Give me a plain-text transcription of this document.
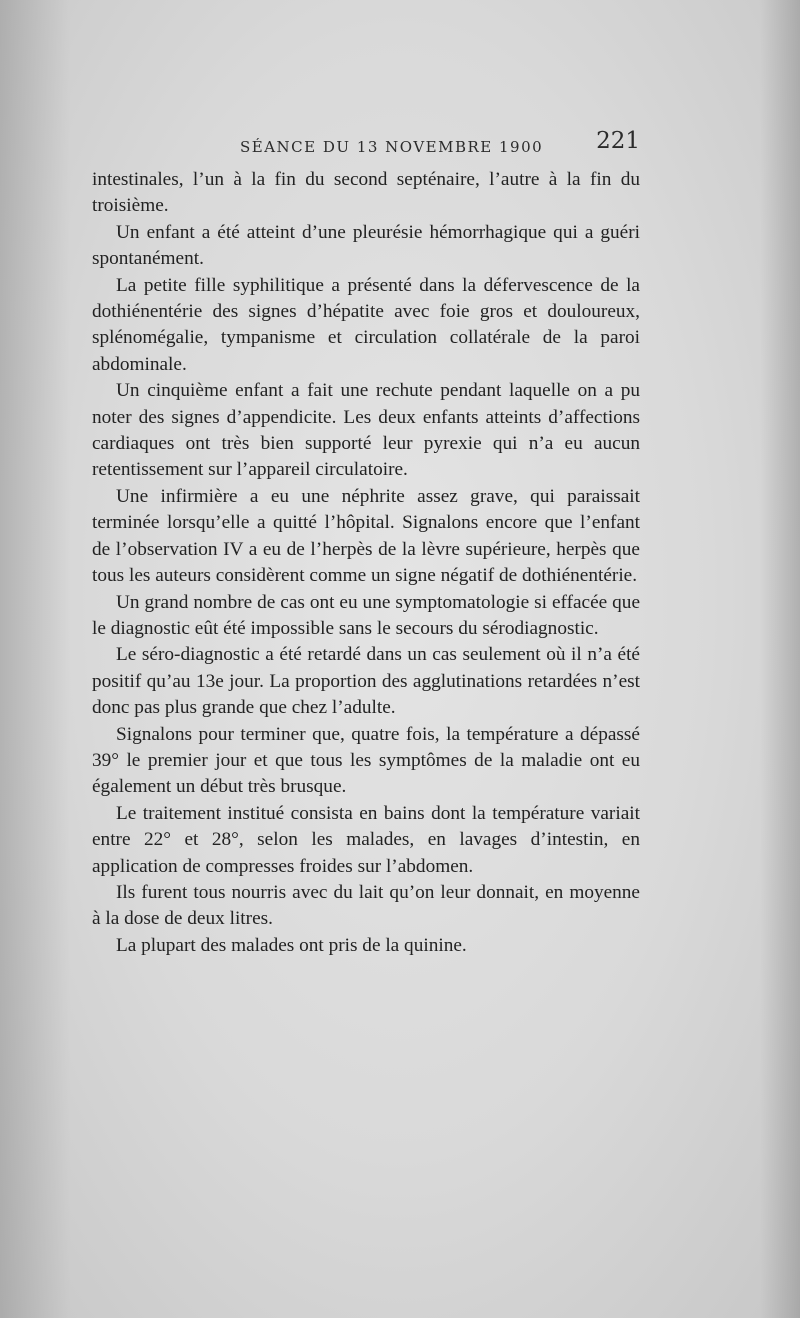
SÉANCE DU 13 NOVEMBRE 1900 221

intestinales, l’un à la fin du second septénaire, l’autre à la fin du troisième.

Un enfant a été atteint d’une pleurésie hémorrhagique qui a guéri spontanément.

La petite fille syphilitique a présenté dans la défervescence de la dothiénentérie des signes d’hépatite avec foie gros et douloureux, splénomégalie, tympanisme et circulation collatérale de la paroi abdominale.

Un cinquième enfant a fait une rechute pendant laquelle on a pu noter des signes d’appendicite. Les deux enfants atteints d’affections cardiaques ont très bien supporté leur pyrexie qui n’a eu aucun retentissement sur l’appareil circulatoire.

Une infirmière a eu une néphrite assez grave, qui paraissait terminée lorsqu’elle a quitté l’hôpital. Signalons encore que l’enfant de l’observation IV a eu de l’herpès de la lèvre supérieure, herpès que tous les auteurs considèrent comme un signe négatif de dothiénentérie.

Un grand nombre de cas ont eu une symptomatologie si effacée que le diagnostic eût été impossible sans le secours du sérodiagnostic.

Le séro-diagnostic a été retardé dans un cas seulement où il n’a été positif qu’au 13e jour. La proportion des agglutinations retardées n’est donc pas plus grande que chez l’adulte.

Signalons pour terminer que, quatre fois, la température a dépassé 39° le premier jour et que tous les symptômes de la maladie ont eu également un début très brusque.

Le traitement institué consista en bains dont la température variait entre 22° et 28°, selon les malades, en lavages d’intestin, en application de compresses froides sur l’abdomen.

Ils furent tous nourris avec du lait qu’on leur donnait, en moyenne à la dose de deux litres.

La plupart des malades ont pris de la quinine.
